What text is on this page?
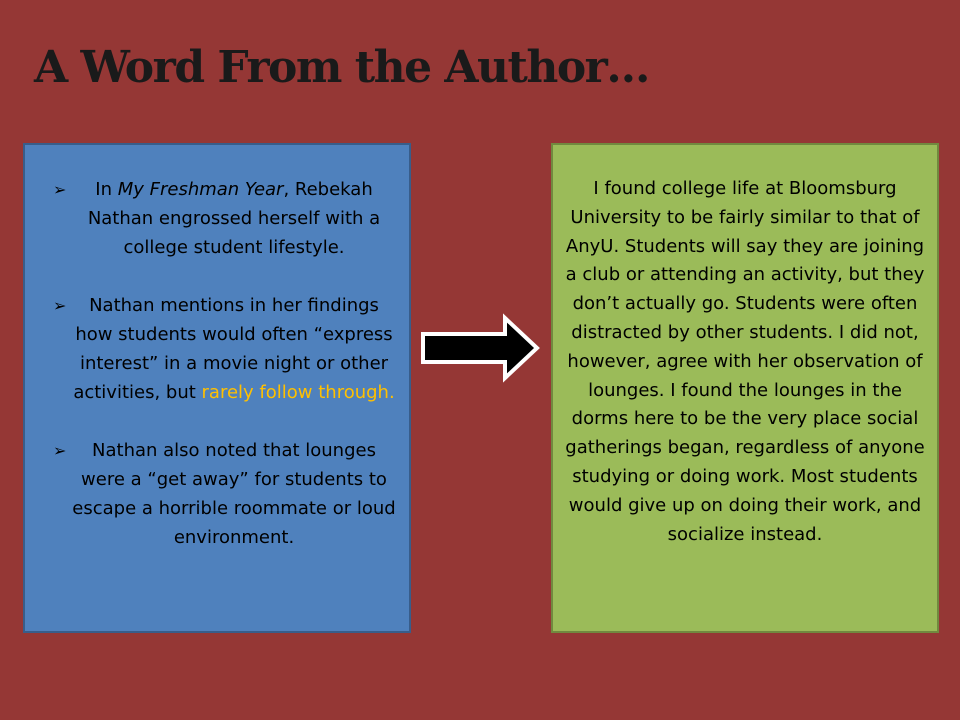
A Word From the Author…
➢	In My Freshman Year, Rebekah Nathan engrossed herself with a college student lifestyle.
➢	Nathan mentions in her findings how students would often “express interest” in a movie night or other activities, but rarely follow through.
➢	Nathan also noted that lounges were a “get away” for students to escape a horrible roommate or loud environment.
I found college life at Bloomsburg University to be fairly similar to that of AnyU. Students will say they are joining a club or attending an activity, but they don’t actually go. Students were often distracted by other students. I did not, however, agree with her observation of lounges. I found the lounges in the dorms here to be the very place social gatherings began, regardless of anyone studying or doing work. Most students would give up on doing their work, and socialize instead.
